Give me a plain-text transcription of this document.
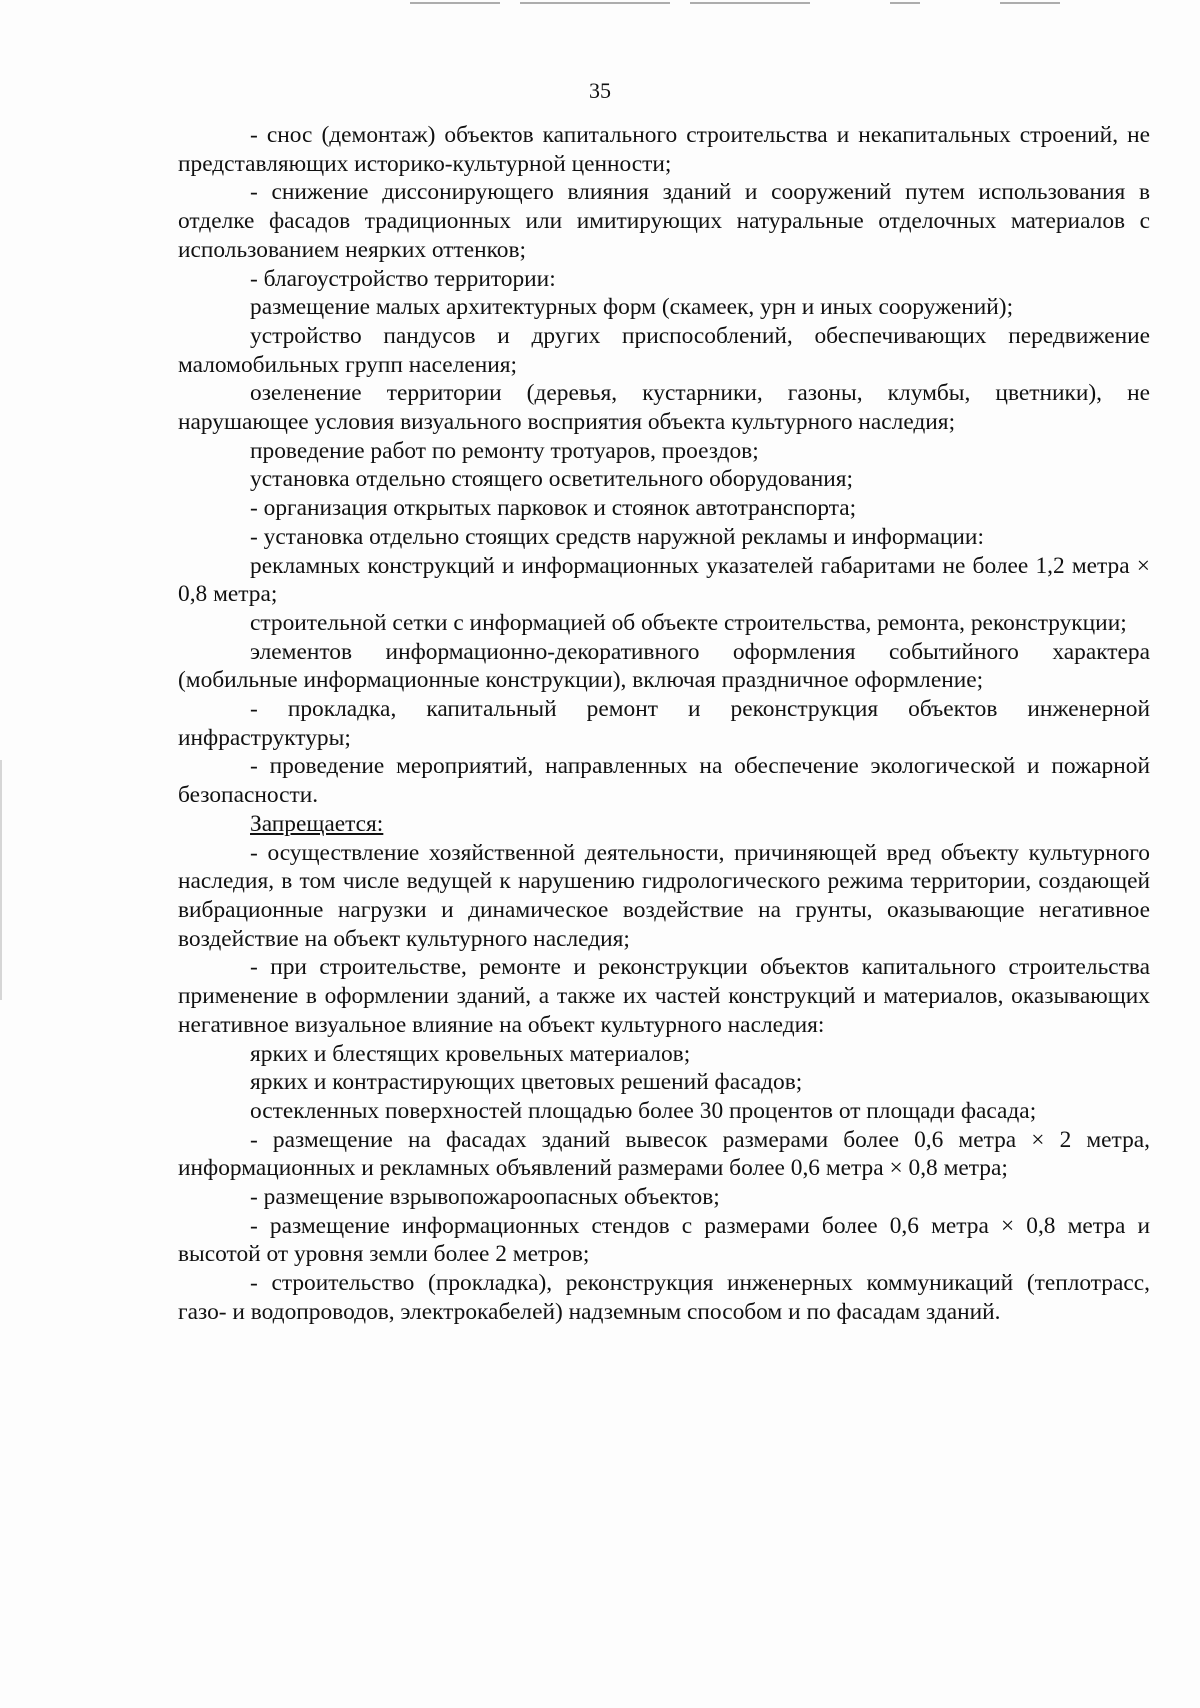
35

- снос (демонтаж) объектов капитального строительства и некапитальных строений, не представляющих историко-культурной ценности;

- снижение диссонирующего влияния зданий и сооружений путем использования в отделке фасадов традиционных или имитирующих натуральные отделочных материалов с использованием неярких оттенков;

- благоустройство территории:

размещение малых архитектурных форм (скамеек, урн и иных сооружений);

устройство пандусов и других приспособлений, обеспечивающих передвижение маломобильных групп населения;

озеленение территории (деревья, кустарники, газоны, клумбы, цветники), не нарушающее условия визуального восприятия объекта культурного наследия;

проведение работ по ремонту тротуаров, проездов;

установка отдельно стоящего осветительного оборудования;

- организация открытых парковок и стоянок автотранспорта;

- установка отдельно стоящих средств наружной рекламы и информации:

рекламных конструкций и информационных указателей габаритами не более 1,2 метра × 0,8 метра;

строительной сетки с информацией об объекте строительства, ремонта, реконструкции;

элементов информационно-декоративного оформления событийного характера (мобильные информационные конструкции), включая праздничное оформление;

- прокладка, капитальный ремонт и реконструкция объектов инженерной инфраструктуры;

- проведение мероприятий, направленных на обеспечение экологической и пожарной безопасности.

Запрещается:

- осуществление хозяйственной деятельности, причиняющей вред объекту культурного наследия, в том числе ведущей к нарушению гидрологического режима территории, создающей вибрационные нагрузки и динамическое воздействие на грунты, оказывающие негативное воздействие на объект культурного наследия;

- при строительстве, ремонте и реконструкции объектов капитального строительства применение в оформлении зданий, а также их частей конструкций и материалов, оказывающих негативное визуальное влияние на объект культурного наследия:

ярких и блестящих кровельных материалов;

ярких и контрастирующих цветовых решений фасадов;

остекленных поверхностей площадью более 30 процентов от площади фасада;

- размещение на фасадах зданий вывесок размерами более 0,6 метра × 2 метра, информационных и рекламных объявлений размерами более 0,6 метра × 0,8 метра;

- размещение взрывопожароопасных объектов;

- размещение информационных стендов с размерами более 0,6 метра × 0,8 метра и высотой от уровня земли более 2 метров;

- строительство (прокладка), реконструкция инженерных коммуникаций (теплотрасс, газо- и водопроводов, электрокабелей) надземным способом и по фасадам зданий.
